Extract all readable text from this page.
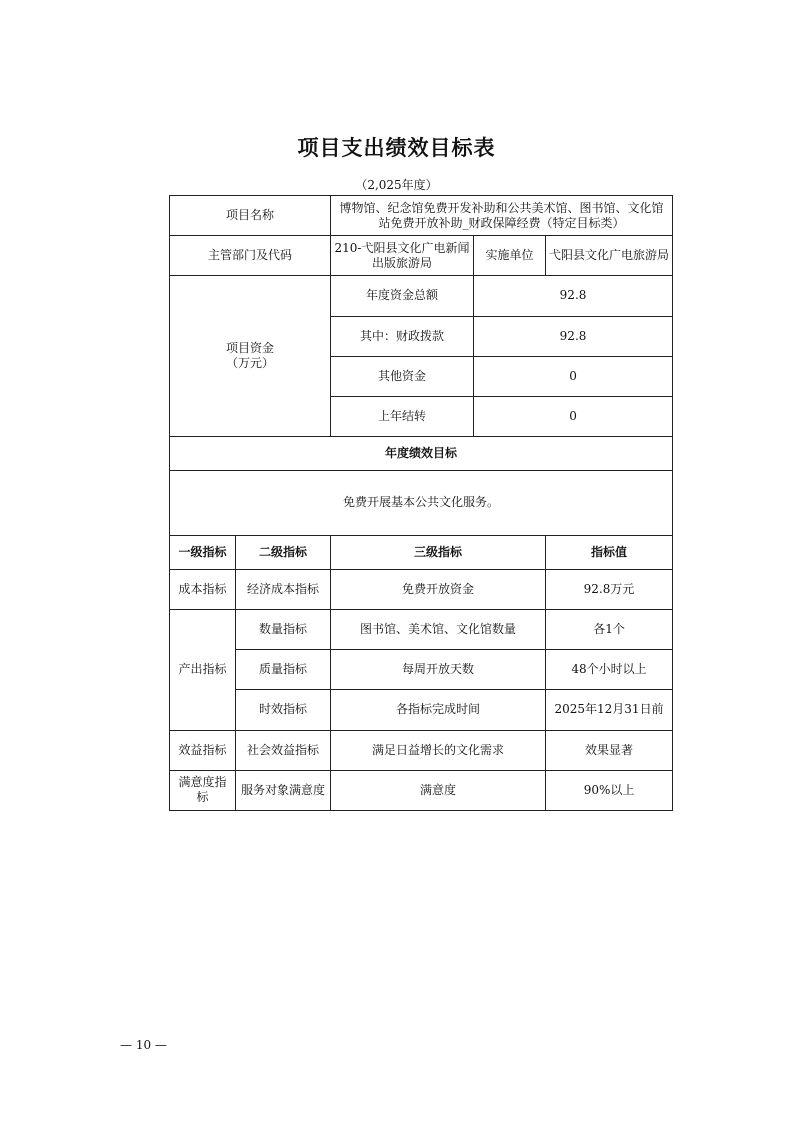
项目支出绩效目标表
（2,025年度）
项目名称		博物馆、纪念馆免费开发补助和公共美术馆、图书馆、文化馆站免费开放补助_财政保障经费（特定目标类）		
主管部门及代码		210-弋阳县文化广电新闻出版旅游局	实施单位	弋阳县文化广电旅游局
项目资金
（万元）		年度资金总额	92.8	
		其中：财政拨款	92.8	
		其他资金	0	
		上年结转	0	
年度绩效目标				
免费开展基本公共文化服务。				
一级指标	二级指标	三级指标		指标值
成本指标	经济成本指标	免费开放资金		92.8万元
产出指标	数量指标	图书馆、美术馆、文化馆数量		各1个
	质量指标	每周开放天数		48个小时以上
	时效指标	各指标完成时间		2025年12月31日前
效益指标	社会效益指标	满足日益增长的文化需求		效果显著
满意度指标	服务对象满意度	满意度		90%以上
— 10 —
